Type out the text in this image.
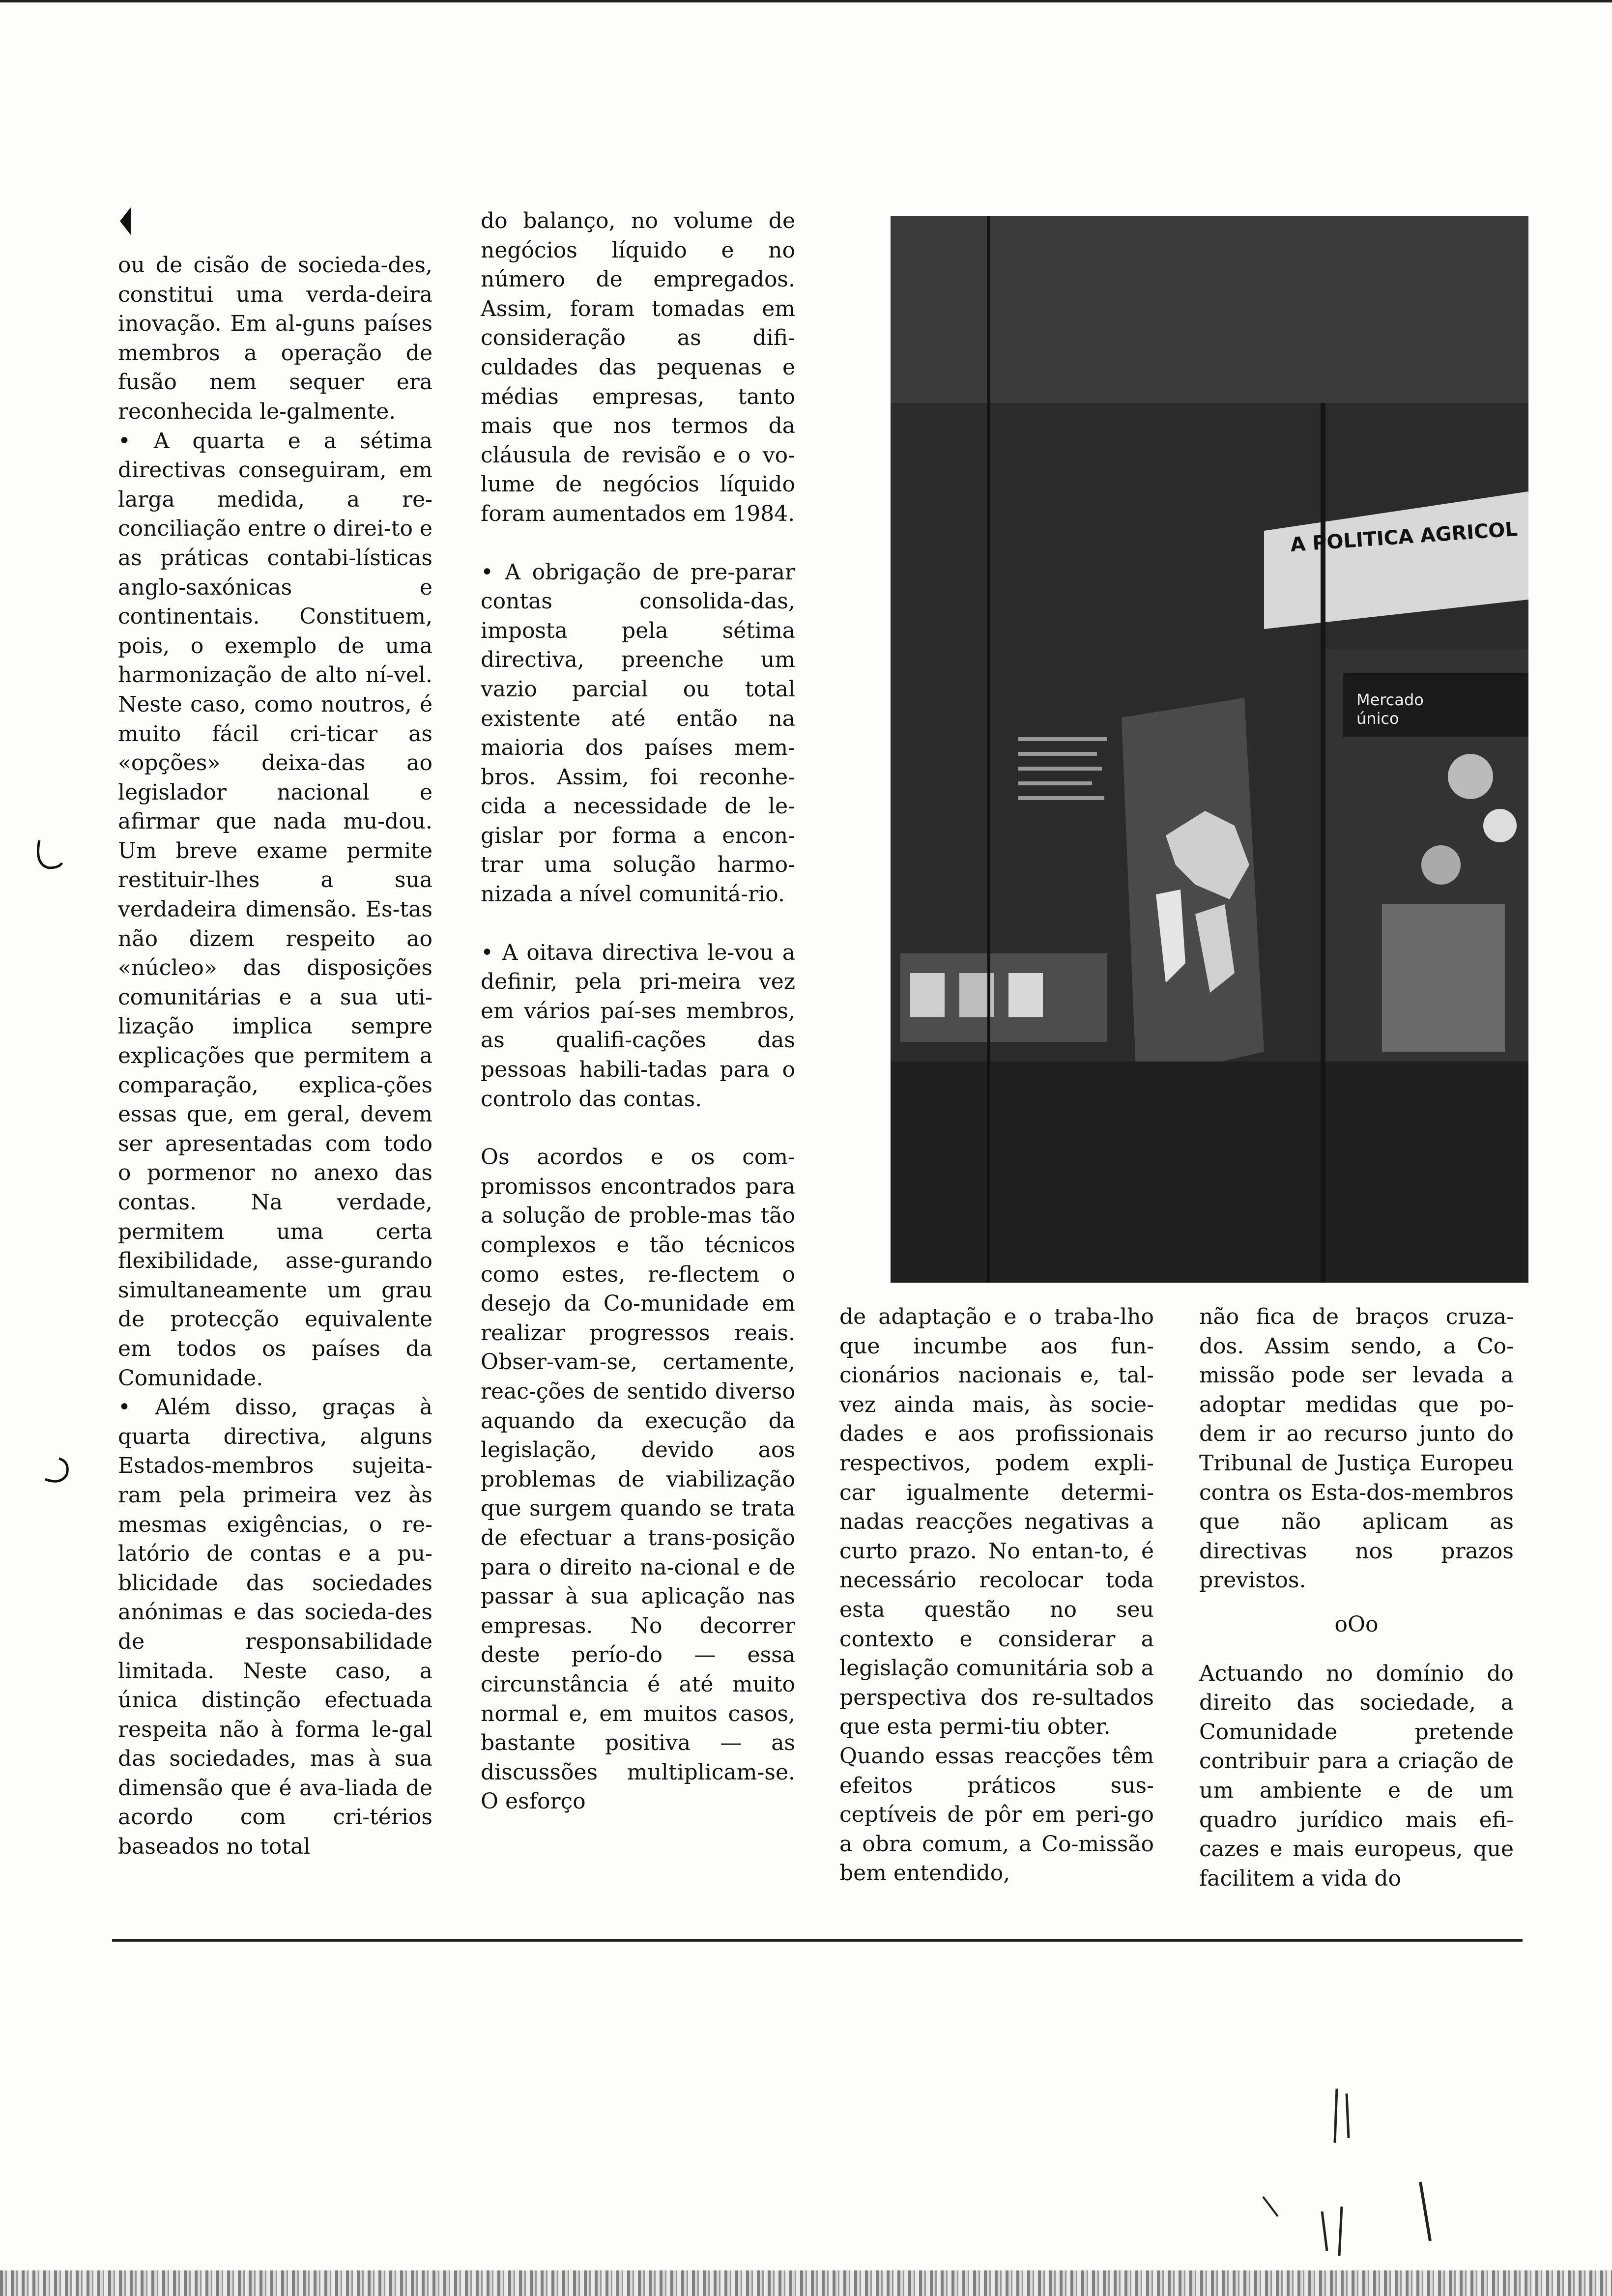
ou de cisão de socieda-des, constitui uma verda-deira inovação. Em al-guns países membros a operação de fusão nem sequer era reconhecida le-galmente.

• A quarta e a sétima directivas conseguiram, em larga medida, a re-conciliação entre o direi-to e as práticas contabi-lísticas anglo-saxónicas e continentais. Constituem, pois, o exemplo de uma harmonização de alto ní-vel. Neste caso, como noutros, é muito fácil cri-ticar as «opções» deixa-das ao legislador nacional e afirmar que nada mu-dou. Um breve exame permite restituir-lhes a sua verdadeira dimensão. Es-tas não dizem respeito ao «núcleo» das disposições comunitárias e a sua uti-lização implica sempre explicações que permitem a comparação, explica-ções essas que, em geral, devem ser apresentadas com todo o pormenor no anexo das contas. Na verdade, permitem uma certa flexibilidade, asse-gurando simultaneamente um grau de protecção equivalente em todos os países da Comunidade.

• Além disso, graças à quarta directiva, alguns Estados-membros sujeita-ram pela primeira vez às mesmas exigências, o re-latório de contas e a pu-blicidade das sociedades anónimas e das socieda-des de responsabilidade limitada. Neste caso, a única distinção efectuada respeita não à forma le-gal das sociedades, mas à sua dimensão que é ava-liada de acordo com cri-térios baseados no total

do balanço, no volume de negócios líquido e no número de empregados. Assim, foram tomadas em consideração as difi-culdades das pequenas e médias empresas, tanto mais que nos termos da cláusula de revisão e o vo-lume de negócios líquido foram aumentados em 1984.

• A obrigação de pre-parar contas consolida-das, imposta pela sétima directiva, preenche um vazio parcial ou total existente até então na maioria dos países mem-bros. Assim, foi reconhe-cida a necessidade de le-gislar por forma a encon-trar uma solução harmo-nizada a nível comunitá-rio.

• A oitava directiva le-vou a definir, pela pri-meira vez em vários paí-ses membros, as qualifi-cações das pessoas habili-tadas para o controlo das contas.

Os acordos e os com-promissos encontrados para a solução de proble-mas tão complexos e tão técnicos como estes, re-flectem o desejo da Co-munidade em realizar progressos reais. Obser-vam-se, certamente, reac-ções de sentido diverso aquando da execução da legislação, devido aos problemas de viabilização que surgem quando se trata de efectuar a trans-posição para o direito na-cional e de passar à sua aplicação nas empresas. No decorrer deste perío-do — essa circunstância é até muito normal e, em muitos casos, bastante positiva — as discussões multiplicam-se. O esforço

A POLITICA AGRICOL
Mercado
único

de adaptação e o traba-lho que incumbe aos fun-cionários nacionais e, tal-vez ainda mais, às socie-dades e aos profissionais respectivos, podem expli-car igualmente determi-nadas reacções negativas a curto prazo. No entan-to, é necessário recolocar toda esta questão no seu contexto e considerar a legislação comunitária sob a perspectiva dos re-sultados que esta permi-tiu obter.

Quando essas reacções têm efeitos práticos sus-ceptíveis de pôr em peri-go a obra comum, a Co-missão bem entendido,

não fica de braços cruza-dos. Assim sendo, a Co-missão pode ser levada a adoptar medidas que po-dem ir ao recurso junto do Tribunal de Justiça Europeu contra os Esta-dos-membros que não aplicam as directivas nos prazos previstos.

oOo

Actuando no domínio do direito das sociedade, a Comunidade pretende contribuir para a criação de um ambiente e de um quadro jurídico mais efi-cazes e mais europeus, que facilitem a vida do
